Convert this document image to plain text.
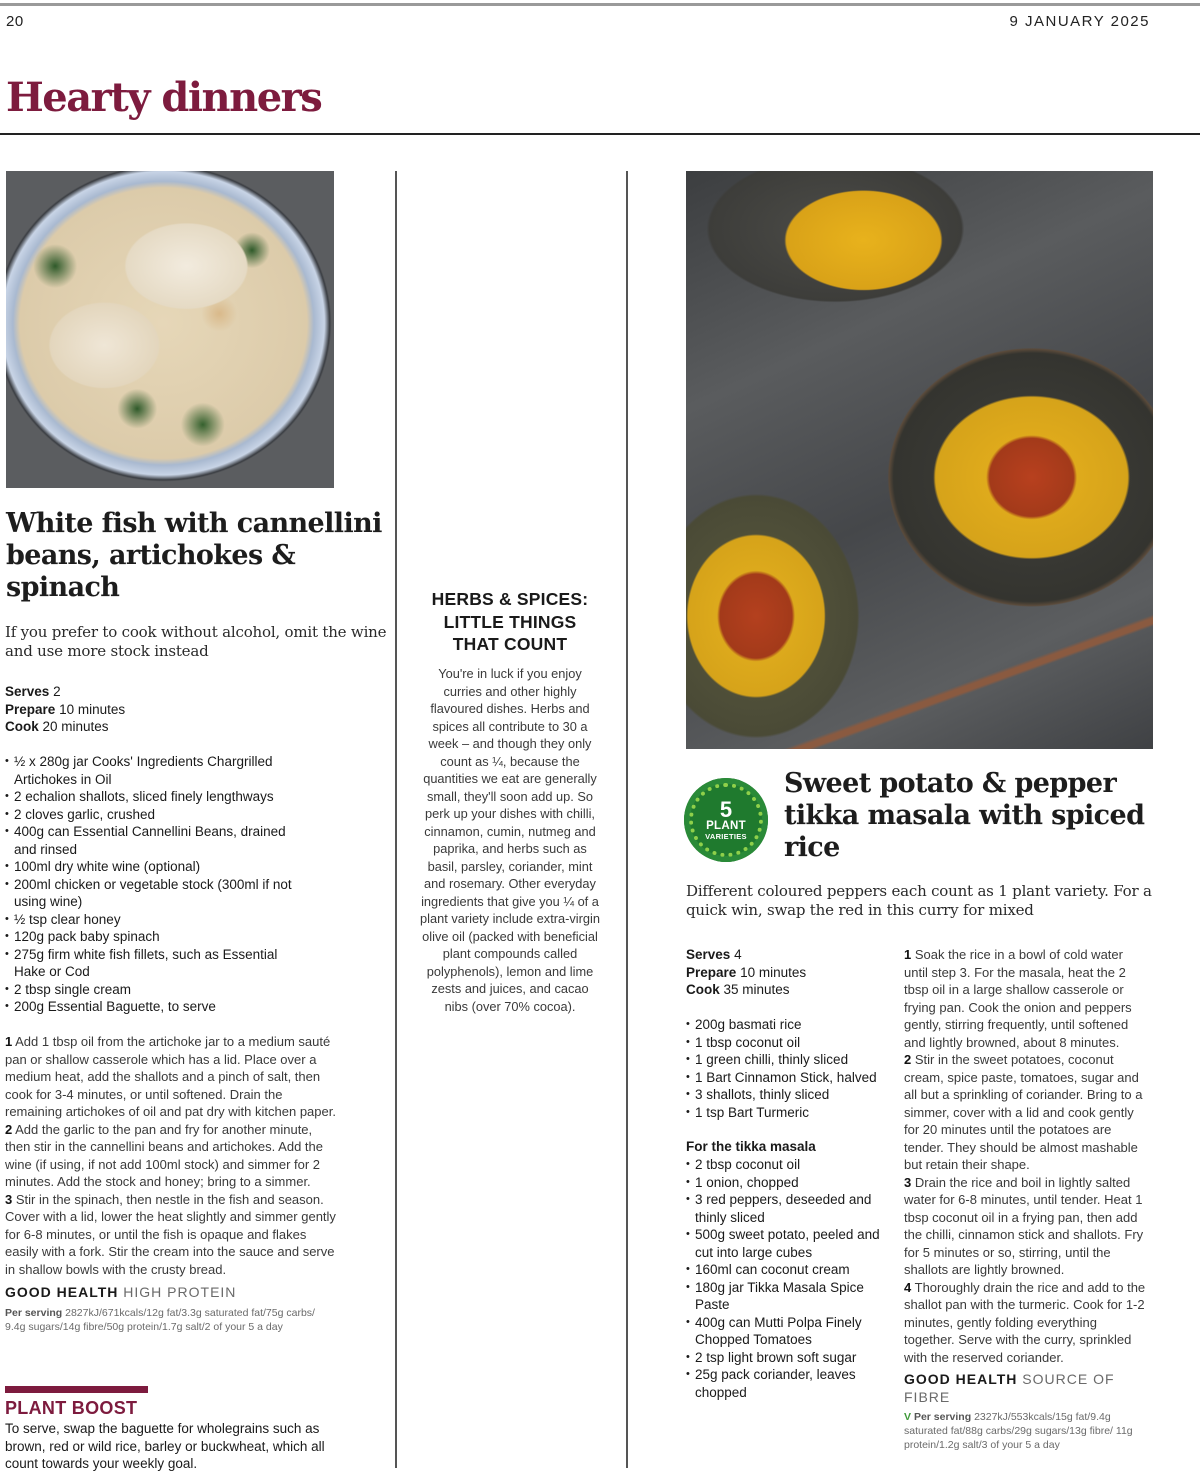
20	9 JANUARY 2025
Hearty dinners
White fish with cannellini beans, artichokes & spinach
If you prefer to cook without alcohol, omit the wine and use more stock instead
Serves 2
Prepare 10 minutes
Cook 20 minutes
• ½ x 280g jar Cooks' Ingredients Chargrilled Artichokes in Oil
• 2 echalion shallots, sliced finely lengthways
• 2 cloves garlic, crushed
• 400g can Essential Cannellini Beans, drained and rinsed
• 100ml dry white wine (optional)
• 200ml chicken or vegetable stock (300ml if not using wine)
• ½ tsp clear honey
• 120g pack baby spinach
• 275g firm white fish fillets, such as Essential Hake or Cod
• 2 tbsp single cream
• 200g Essential Baguette, to serve

1 Add 1 tbsp oil from the artichoke jar to a medium sauté pan or shallow casserole which has a lid. Place over a medium heat, add the shallots and a pinch of salt, then cook for 3-4 minutes, or until softened. Drain the remaining artichokes of oil and pat dry with kitchen paper.

2 Add the garlic to the pan and fry for another minute, then stir in the cannellini beans and artichokes. Add the wine (if using, if not add 100ml stock) and simmer for 2 minutes. Add the stock and honey; bring to a simmer.

3 Stir in the spinach, then nestle in the fish and season. Cover with a lid, lower the heat slightly and simmer gently for 6-8 minutes, or until the fish is opaque and flakes easily with a fork. Stir the cream into the sauce and serve in shallow bowls with the crusty bread.

GOOD HEALTH HIGH PROTEIN
Per serving 2827kJ/671kcals/12g fat/3.3g saturated fat/75g carbs/ 9.4g sugars/14g fibre/50g protein/1.7g salt/2 of your 5 a day
PLANT BOOST
To serve, swap the baguette for wholegrains such as brown, red or wild rice, barley or buckwheat, which all count towards your weekly goal.
HERBS & SPICES:
LITTLE THINGS
THAT COUNT
You're in luck if you enjoy curries and other highly flavoured dishes. Herbs and spices all contribute to 30 a week – and though they only count as ¼, because the quantities we eat are generally small, they'll soon add up. So perk up your dishes with chilli, cinnamon, cumin, nutmeg and paprika, and herbs such as basil, parsley, coriander, mint and rosemary. Other everyday ingredients that give you ¼ of a plant variety include extra-virgin olive oil (packed with beneficial plant compounds called polyphenols), lemon and lime zests and juices, and cacao nibs (over 70% cocoa).
5
PLANT
VARIETIES
Sweet potato & pepper tikka masala with spiced rice
Different coloured peppers each count as 1 plant variety. For a quick win, swap the red in this curry for mixed
Serves 4
Prepare 10 minutes
Cook 35 minutes
• 200g basmati rice
• 1 tbsp coconut oil
• 1 green chilli, thinly sliced
• 1 Bart Cinnamon Stick, halved
• 3 shallots, thinly sliced
• 1 tsp Bart Turmeric
For the tikka masala
• 2 tbsp coconut oil
• 1 onion, chopped
• 3 red peppers, deseeded and thinly sliced
• 500g sweet potato, peeled and cut into large cubes
• 160ml can coconut cream
• 180g jar Tikka Masala Spice Paste
• 400g can Mutti Polpa Finely Chopped Tomatoes
• 2 tsp light brown soft sugar
• 25g pack coriander, leaves chopped

1 Soak the rice in a bowl of cold water until step 3. For the masala, heat the 2 tbsp oil in a large shallow casserole or frying pan. Cook the onion and peppers gently, stirring frequently, until softened and lightly browned, about 8 minutes.

2 Stir in the sweet potatoes, coconut cream, spice paste, tomatoes, sugar and all but a sprinkling of coriander. Bring to a simmer, cover with a lid and cook gently for 20 minutes until the potatoes are tender. They should be almost mashable but retain their shape.

3 Drain the rice and boil in lightly salted water for 6-8 minutes, until tender. Heat 1 tbsp coconut oil in a frying pan, then add the chilli, cinnamon stick and shallots. Fry for 5 minutes or so, stirring, until the shallots are lightly browned.

4 Thoroughly drain the rice and add to the shallot pan with the turmeric. Cook for 1-2 minutes, gently folding everything together. Serve with the curry, sprinkled with the reserved coriander.

GOOD HEALTH SOURCE OF FIBRE
V Per serving 2327kJ/553kcals/15g fat/9.4g saturated fat/88g carbs/29g sugars/13g fibre/ 11g protein/1.2g salt/3 of your 5 a day
